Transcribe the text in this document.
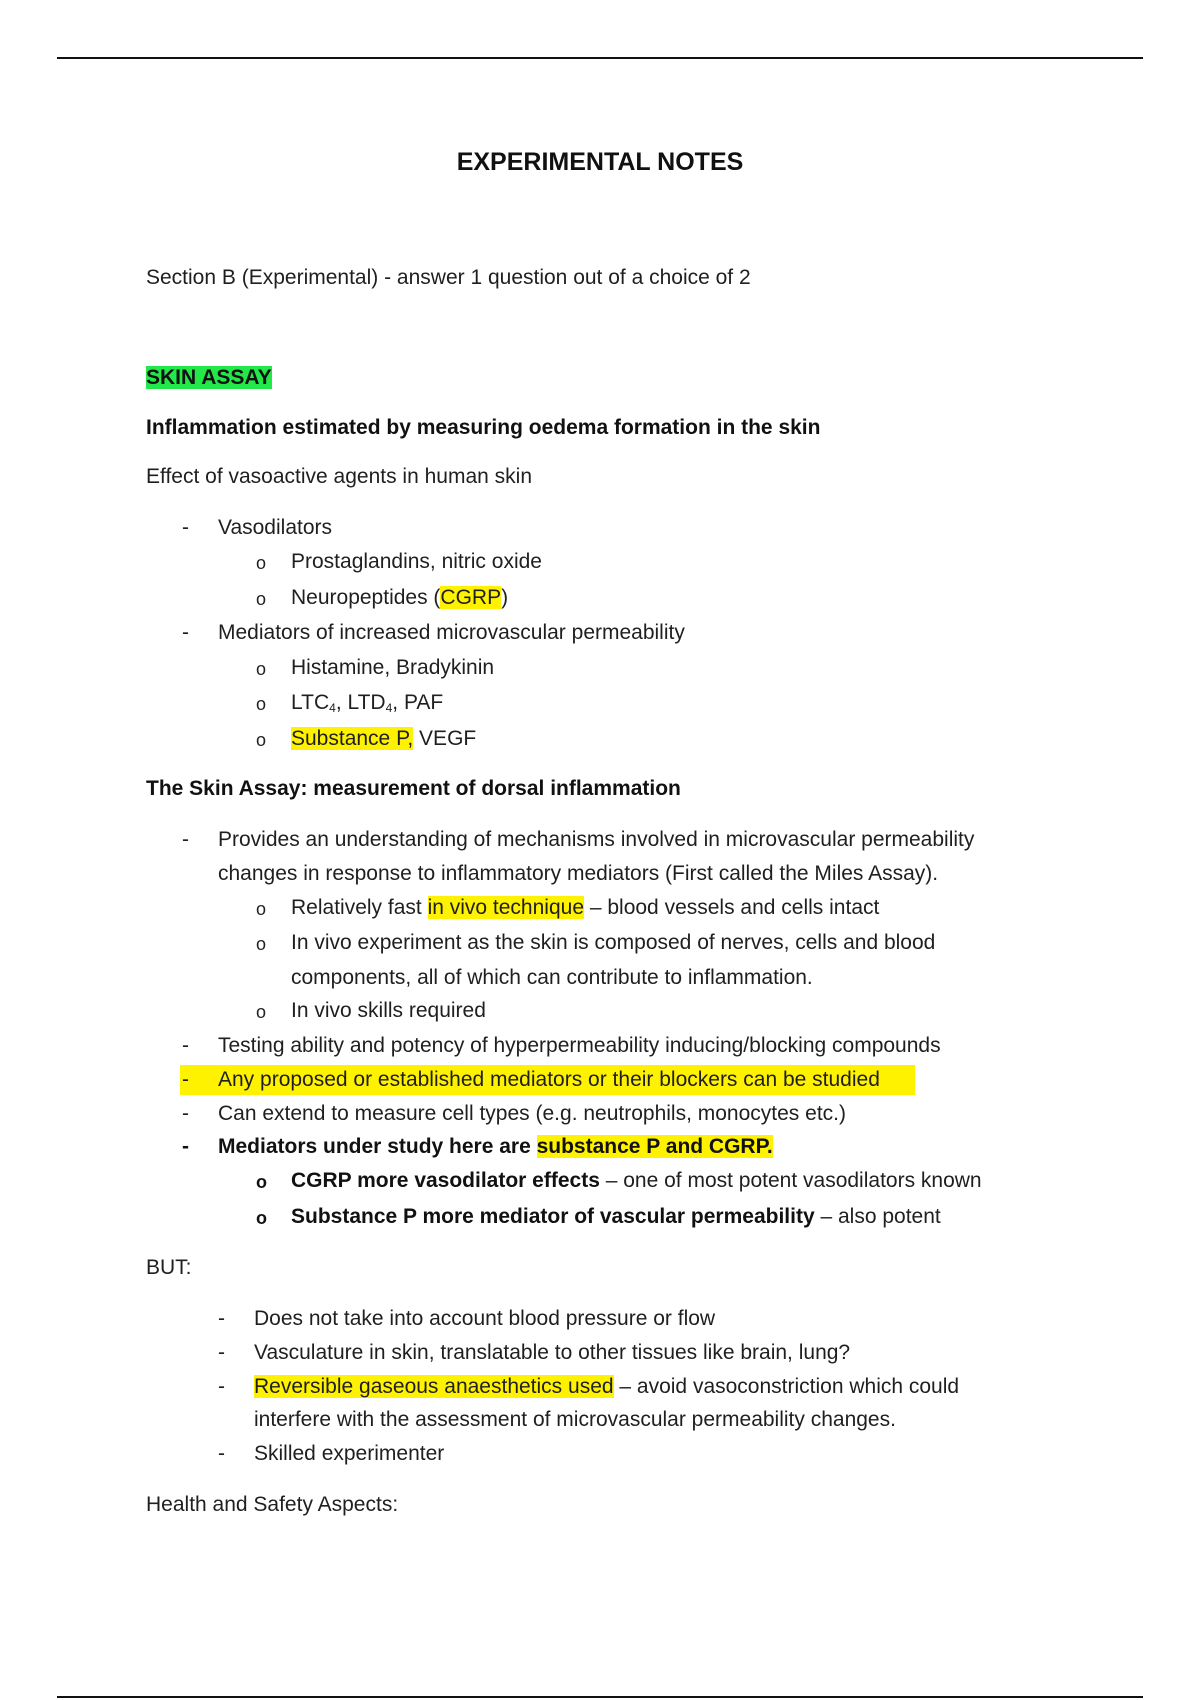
EXPERIMENTAL NOTES
Section B (Experimental) - answer 1 question out of a choice of 2
SKIN ASSAY
Inflammation estimated by measuring oedema formation in the skin
Effect of vasoactive agents in human skin
- Vasodilators
o Prostaglandins, nitric oxide
o Neuropeptides (CGRP)
- Mediators of increased microvascular permeability
o Histamine, Bradykinin
o $LTC_4$, $LTD_4$, PAF
o Substance P, VEGF
The Skin Assay: measurement of dorsal inflammation
- Provides an understanding of mechanisms involved in microvascular permeability
changes in response to inflammatory mediators (First called the Miles Assay).
o Relatively fast in vivo technique – blood vessels and cells intact
o In vivo experiment as the skin is composed of nerves, cells and blood
components, all of which can contribute to inflammation.
o In vivo skills required
- Testing ability and potency of hyperpermeability inducing/blocking compounds
- Any proposed or established mediators or their blockers can be studied
- Can extend to measure cell types (e.g. neutrophils, monocytes etc.)
- Mediators under study here are substance P and CGRP.
o CGRP more vasodilator effects – one of most potent vasodilators known
o Substance P more mediator of vascular permeability – also potent
BUT:
- Does not take into account blood pressure or flow
- Vasculature in skin, translatable to other tissues like brain, lung?
- Reversible gaseous anaesthetics used – avoid vasoconstriction which could
interfere with the assessment of microvascular permeability changes.
- Skilled experimenter
Health and Safety Aspects:
